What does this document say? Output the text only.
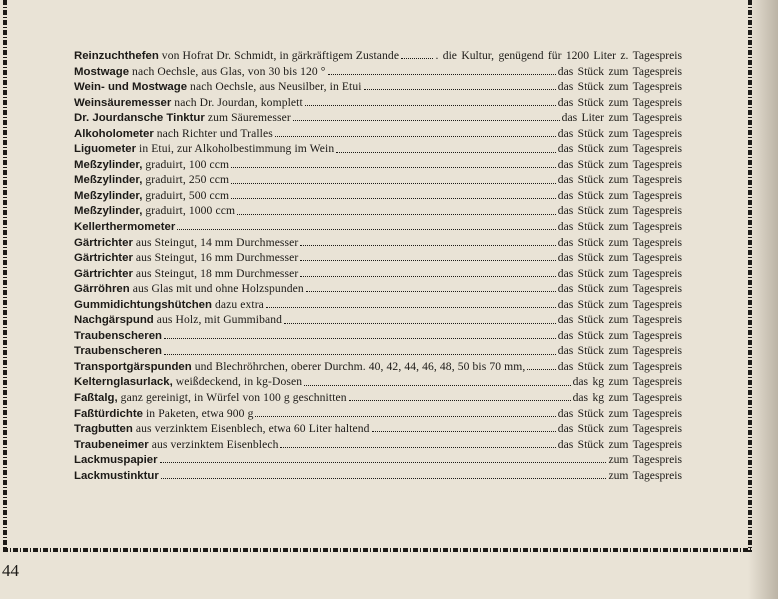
Reinzuchthefen von Hofrat Dr. Schmidt, in gärkräftigem Zustande	. die Kultur, genügend für 1200 Liter z. Tagespreis
Mostwage nach Oechsle, aus Glas, von 30 bis 120 °	das Stück zum Tagespreis
Wein- und Mostwage nach Oechsle, aus Neusilber, in Etui	das Stück zum Tagespreis
Weinsäuremesser nach Dr. Jourdan, komplett	das Stück zum Tagespreis
Dr. Jourdansche Tinktur zum Säuremesser	das Liter zum Tagespreis
Alkoholometer nach Richter und Tralles	das Stück zum Tagespreis
Liguometer in Etui, zur Alkoholbestimmung im Wein	das Stück zum Tagespreis
Meßzylinder, graduirt, 100 ccm	das Stück zum Tagespreis
Meßzylinder, graduirt, 250 ccm	das Stück zum Tagespreis
Meßzylinder, graduirt, 500 ccm	das Stück zum Tagespreis
Meßzylinder, graduirt, 1000 ccm	das Stück zum Tagespreis
Kellerthermometer	das Stück zum Tagespreis
Gärtrichter aus Steingut, 14 mm Durchmesser	das Stück zum Tagespreis
Gärtrichter aus Steingut, 16 mm Durchmesser	das Stück zum Tagespreis
Gärtrichter aus Steingut, 18 mm Durchmesser	das Stück zum Tagespreis
Gärröhren aus Glas mit und ohne Holzspunden	das Stück zum Tagespreis
Gummidichtungshütchen dazu extra	das Stück zum Tagespreis
Nachgärspund aus Holz, mit Gummiband	das Stück zum Tagespreis
Traubenscheren	das Stück zum Tagespreis
Traubenscheren	das Stück zum Tagespreis
Transportgärspunden und Blechröhrchen, oberer Durchm. 40, 42, 44, 46, 48, 50 bis 70 mm,	das Stück zum Tagespreis
Kelternglasurlack, weißdeckend, in kg-Dosen	das kg zum Tagespreis
Faßtalg, ganz gereinigt, in Würfel von 100 g geschnitten	das kg zum Tagespreis
Faßtürdichte in Paketen, etwa 900 g	das Stück zum Tagespreis
Tragbutten aus verzinktem Eisenblech, etwa 60 Liter haltend	das Stück zum Tagespreis
Traubeneimer aus verzinktem Eisenblech	das Stück zum Tagespreis
Lackmuspapier	zum Tagespreis
Lackmustinktur	zum Tagespreis
44
